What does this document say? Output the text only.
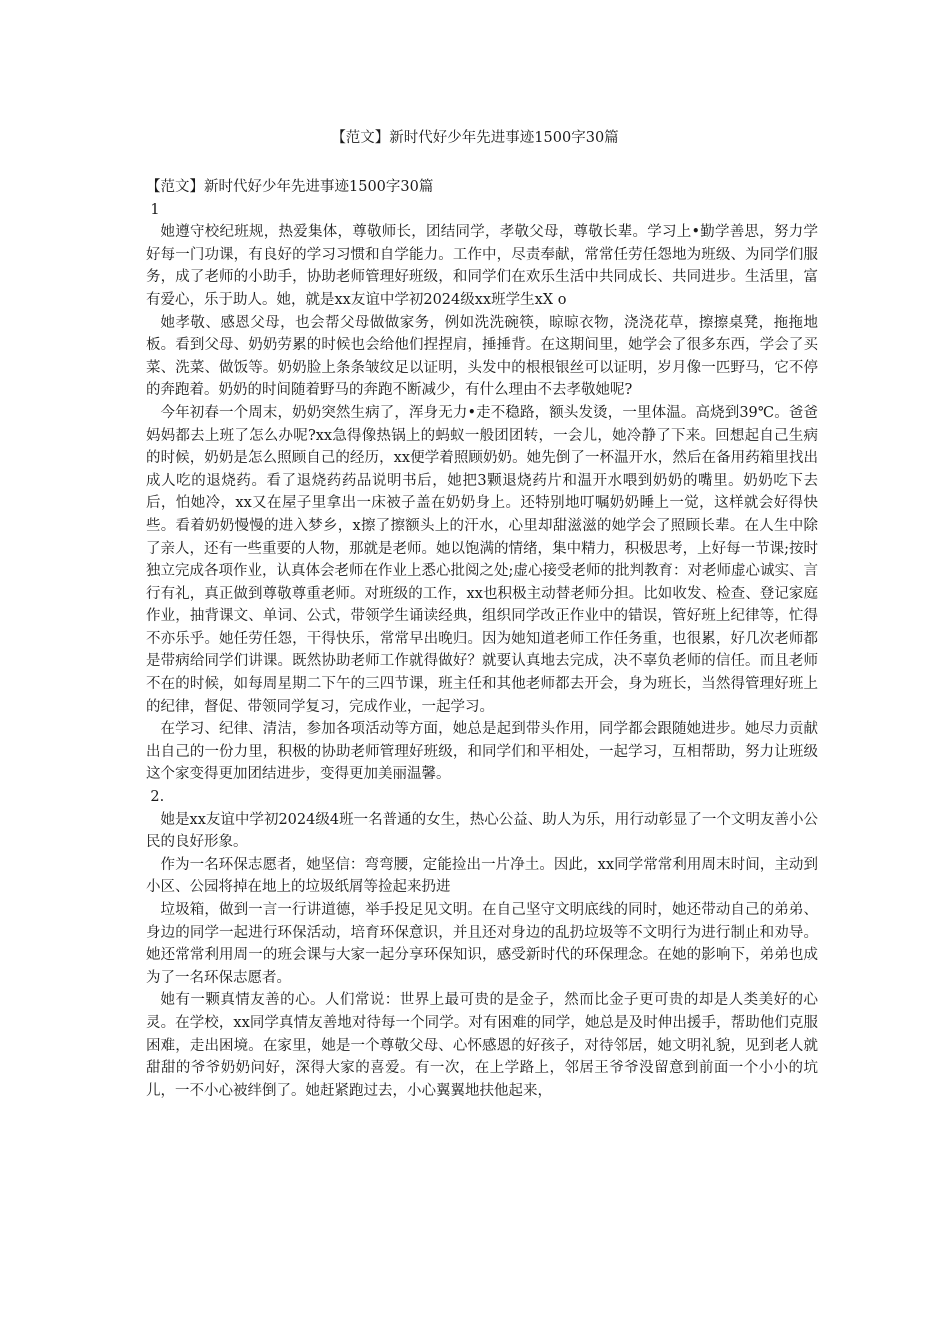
【范文】新时代好少年先进事迹1500字30篇

【范文】新时代好少年先进事迹1500字30篇

1

她遵守校纪班规，热爱集体，尊敬师长，团结同学，孝敬父母，尊敬长辈。学习上•勤学善思，努力学好每一门功课，有良好的学习习惯和自学能力。工作中，尽责奉献，常常任劳任怨地为班级、为同学们服务，成了老师的小助手，协助老师管理好班级，和同学们在欢乐生活中共同成长、共同进步。生活里，富有爱心，乐于助人。她，就是xx友谊中学初2024级xx班学生xX o

她孝敬、感恩父母，也会帮父母做做家务，例如洗洗碗筷，晾晾衣物，浇浇花草，擦擦桌凳，拖拖地板。看到父母、奶奶劳累的时候也会给他们捏捏肩，捶捶背。在这期间里，她学会了很多东西，学会了买菜、洗菜、做饭等。奶奶脸上条条皱纹足以证明，头发中的根根银丝可以证明，岁月像一匹野马，它不停的奔跑着。奶奶的时间随着野马的奔跑不断减少，有什么理由不去孝敬她呢?

今年初春一个周末，奶奶突然生病了，浑身无力•走不稳路，额头发烫，一里体温。高烧到39℃。爸爸妈妈都去上班了怎么办呢?xx急得像热锅上的蚂蚁一般团团转，一会儿，她冷静了下来。回想起自己生病的时候，奶奶是怎么照顾自己的经历，xx便学着照顾奶奶。她先倒了一杯温开水，然后在备用药箱里找出成人吃的退烧药。看了退烧药药品说明书后，她把3颗退烧药片和温开水喂到奶奶的嘴里。奶奶吃下去后，怕她冷，xx又在屋子里拿出一床被子盖在奶奶身上。还特别地叮嘱奶奶睡上一觉，这样就会好得快些。看着奶奶慢慢的进入梦乡，x擦了擦额头上的汗水，心里却甜滋滋的她学会了照顾长辈。在人生中除了亲人，还有一些重要的人物，那就是老师。她以饱满的情绪，集中精力，积极思考，上好每一节课;按时独立完成各项作业，认真体会老师在作业上悉心批阅之处;虚心接受老师的批判教育：对老师虚心诚实、言行有礼，真正做到尊敬尊重老师。对班级的工作，xx也积极主动替老师分担。比如收发、检查、登记家庭作业，抽背课文、单词、公式，带领学生诵读经典，组织同学改正作业中的错误，管好班上纪律等，忙得不亦乐乎。她任劳任怨，干得快乐，常常早出晚归。因为她知道老师工作任务重，也很累，好几次老师都是带病给同学们讲课。既然协助老师工作就得做好？就要认真地去完成，决不辜负老师的信任。而且老师不在的时候，如每周星期二下午的三四节课，班主任和其他老师都去开会，身为班长，当然得管理好班上的纪律，督促、带领同学复习，完成作业，一起学习。

在学习、纪律、清洁，参加各项活动等方面，她总是起到带头作用，同学都会跟随她进步。她尽力贡献出自己的一份力里，积极的协助老师管理好班级，和同学们和平相处，一起学习，互相帮助，努力让班级这个家变得更加团结进步，变得更加美丽温馨。

2.

她是xx友谊中学初2024级4班一名普通的女生，热心公益、助人为乐，用行动彰显了一个文明友善小公民的良好形象。

作为一名环保志愿者，她坚信：弯弯腰，定能捡出一片净土。因此，xx同学常常利用周末时间，主动到小区、公园将掉在地上的垃圾纸屑等捡起来扔进

垃圾箱，做到一言一行讲道德，举手投足见文明。在自己坚守文明底线的同时，她还带动自己的弟弟、身边的同学一起进行环保活动，培育环保意识，并且还对身边的乱扔垃圾等不文明行为进行制止和劝导。她还常常利用周一的班会课与大家一起分享环保知识，感受新时代的环保理念。在她的影响下，弟弟也成为了一名环保志愿者。

她有一颗真情友善的心。人们常说：世界上最可贵的是金子，然而比金子更可贵的却是人类美好的心灵。在学校，xx同学真情友善地对待每一个同学。对有困难的同学，她总是及时伸出援手，帮助他们克服困难，走出困境。在家里，她是一个尊敬父母、心怀感恩的好孩子，对待邻居，她文明礼貌，见到老人就甜甜的爷爷奶奶问好，深得大家的喜爱。有一次，在上学路上，邻居王爷爷没留意到前面一个小小的坑儿，一不小心被绊倒了。她赶紧跑过去，小心翼翼地扶他起来，
